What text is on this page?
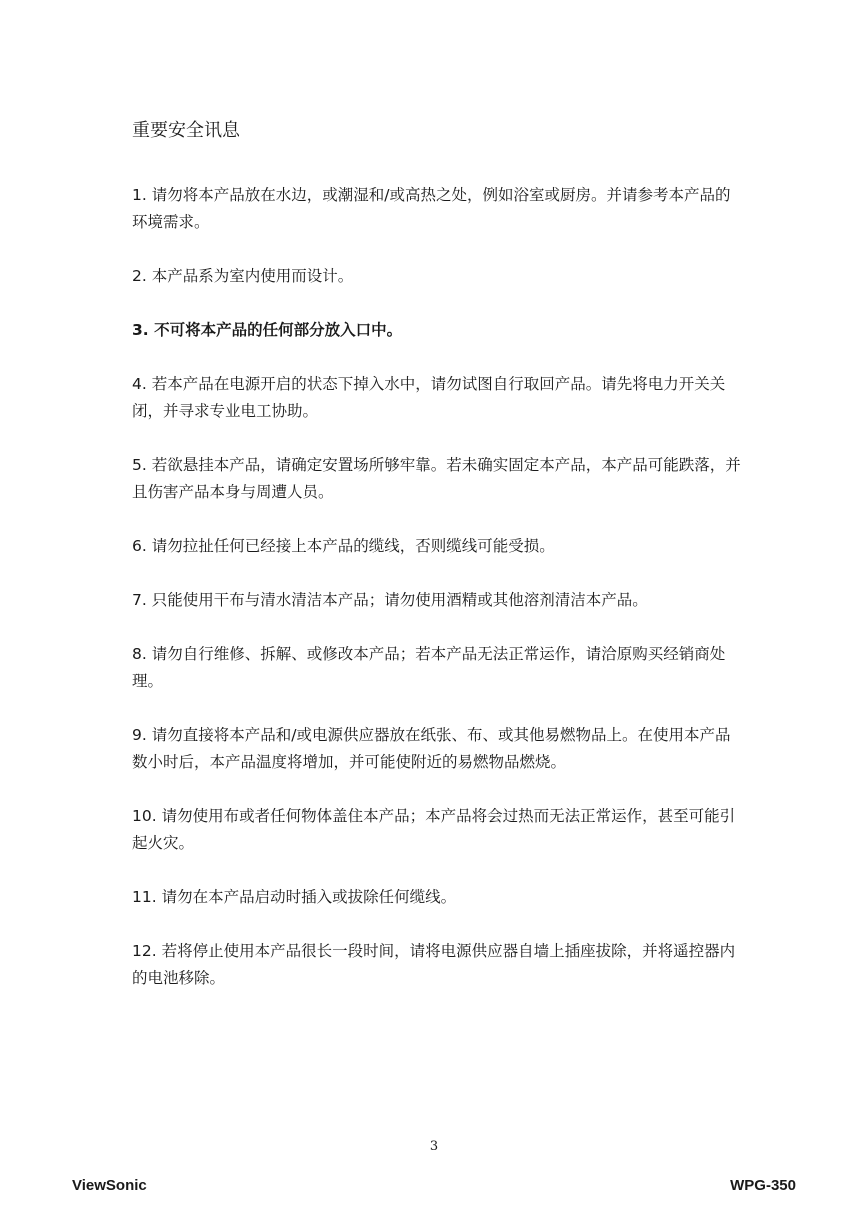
重要安全讯息
1. 请勿将本产品放在水边，或潮湿和/或高热之处，例如浴室或厨房。并请参考本产品的环境需求。
2. 本产品系为室内使用而设计。
3. 不可将本产品的任何部分放入口中。
4. 若本产品在电源开启的状态下掉入水中，请勿试图自行取回产品。请先将电力开关关闭，并寻求专业电工协助。
5. 若欲悬挂本产品，请确定安置场所够牢靠。若未确实固定本产品，本产品可能跌落，并且伤害产品本身与周遭人员。
6. 请勿拉扯任何已经接上本产品的缆线，否则缆线可能受损。
7. 只能使用干布与清水清洁本产品；请勿使用酒精或其他溶剂清洁本产品。
8. 请勿自行维修、拆解、或修改本产品；若本产品无法正常运作，请洽原购买经销商处理。
9. 请勿直接将本产品和/或电源供应器放在纸张、布、或其他易燃物品上。在使用本产品数小时后，本产品温度将增加，并可能使附近的易燃物品燃烧。
10. 请勿使用布或者任何物体盖住本产品；本产品将会过热而无法正常运作，甚至可能引起火灾。
11. 请勿在本产品启动时插入或拔除任何缆线。
12. 若将停止使用本产品很长一段时间，请将电源供应器自墙上插座拔除，并将遥控器内的电池移除。
3
ViewSonic	WPG-350
